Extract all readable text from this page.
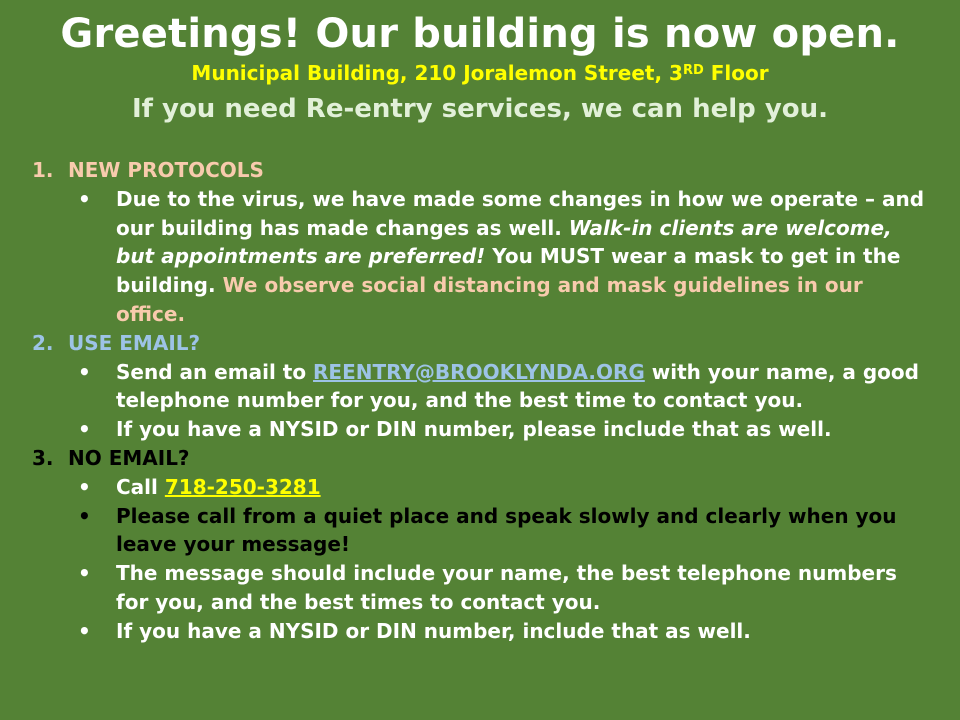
Greetings! Our building is now open.
Municipal Building, 210 Joralemon Street, 3RD Floor
If you need Re-entry services, we can help you.
1. NEW PROTOCOLS
• Due to the virus, we have made some changes in how we operate – and our building has made changes as well. Walk-in clients are welcome, but appointments are preferred! You MUST wear a mask to get in the building. We observe social distancing and mask guidelines in our office.
2. USE EMAIL?
• Send an email to REENTRY@BROOKLYNDA.ORG with your name, a good telephone number for you, and the best time to contact you.
• If you have a NYSID or DIN number, please include that as well.
3. NO EMAIL?
• Call 718-250-3281
• Please call from a quiet place and speak slowly and clearly when you leave your message!
• The message should include your name, the best telephone numbers for you, and the best times to contact you.
• If you have a NYSID or DIN number, include that as well.
